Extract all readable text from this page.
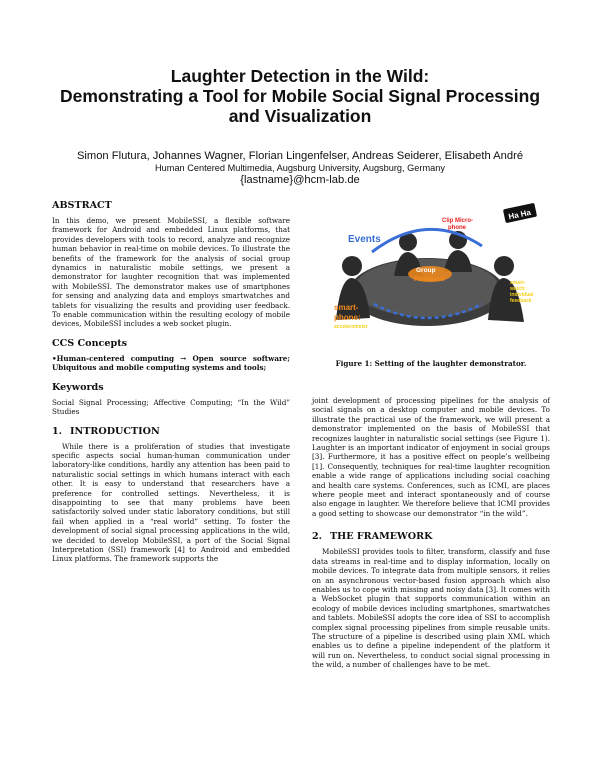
Laughter Detection in the Wild:
Demonstrating a Tool for Mobile Social Signal Processing
and Visualization
Simon Flutura, Johannes Wagner, Florian Lingenfelser, Andreas Seiderer, Elisabeth André
Human Centered Multimedia, Augsburg University, Augsburg, Germany
{lastname}@hcm-lab.de
ABSTRACT

In this demo, we present MobileSSI, a flexible software framework for Android and embedded Linux platforms, that provides developers with tools to record, analyze and recognize human behavior in real-time on mobile devices. To illustrate the benefits of the framework for the analysis of social group dynamics in naturalistic mobile settings, we present a demonstrator for laughter recognition that was implemented with MobileSSI. The demonstrator makes use of smartphones for sensing and analyzing data and employs smartwatches and tablets for visualizing the results and providing user feedback. To enable communication within the resulting ecology of mobile devices, MobileSSI includes a web socket plugin.

CCS Concepts

•Human-centered computing → Open source software; Ubiquitous and mobile computing systems and tools;

Keywords

Social Signal Processing; Affective Computing; “In the Wild” Studies

1. INTRODUCTION

While there is a proliferation of studies that investigate specific aspects social human-human communication under laboratory-like conditions, hardly any attention has been paid to naturalistic social settings in which humans interact with each other. It is easy to understand that researchers have a preference for controlled settings. Nevertheless, it is disappointing to see that many problems have been satisfactorily solved under static laboratory conditions, but still fail when applied in a “real world” setting. To foster the development of social signal processing applications in the wild, we decided to develop MobileSSI, a port of the Social Signal Interpretation (SSI) framework [4] to Android and embedded Linux platforms. The framework supports the

Events
Clip Micro-
phone
Ha Ha
Group
Feedback	smart-
watch:
individual
feedback
smart-
phone:
accelerometer
Figure 1: Setting of the laughter demonstrator.

joint development of processing pipelines for the analysis of social signals on a desktop computer and mobile devices. To illustrate the practical use of the framework, we will present a demonstrator implemented on the basis of MobileSSI that recognizes laughter in naturalistic social settings (see Figure 1). Laughter is an important indicator of enjoyment in social groups [3]. Furthermore, it has a positive effect on people’s wellbeing [1]. Consequently, techniques for real-time laughter recognition enable a wide range of applications including social coaching and health care systems. Conferences, such as ICMI, are places where people meet and interact spontaneously and of course also engage in laughter. We therefore believe that ICMI provides a good setting to showcase our demonstrator “in the wild”.

2. THE FRAMEWORK

MobileSSI provides tools to filter, transform, classify and fuse data streams in real-time and to display information, locally on mobile devices. To integrate data from multiple sensors, it relies on an asynchronous vector-based fusion approach which also enables us to cope with missing and noisy data [3]. It comes with a WebSocket plugin that supports communication within an ecology of mobile devices including smartphones, smartwatches and tablets. MobileSSI adopts the core idea of SSI to accomplish complex signal processing pipelines from simple reusable units. The structure of a pipeline is described using plain XML which enables us to define a pipeline independent of the platform it will run on. Nevertheless, to conduct social signal processing in the wild, a number of challenges have to be met.
